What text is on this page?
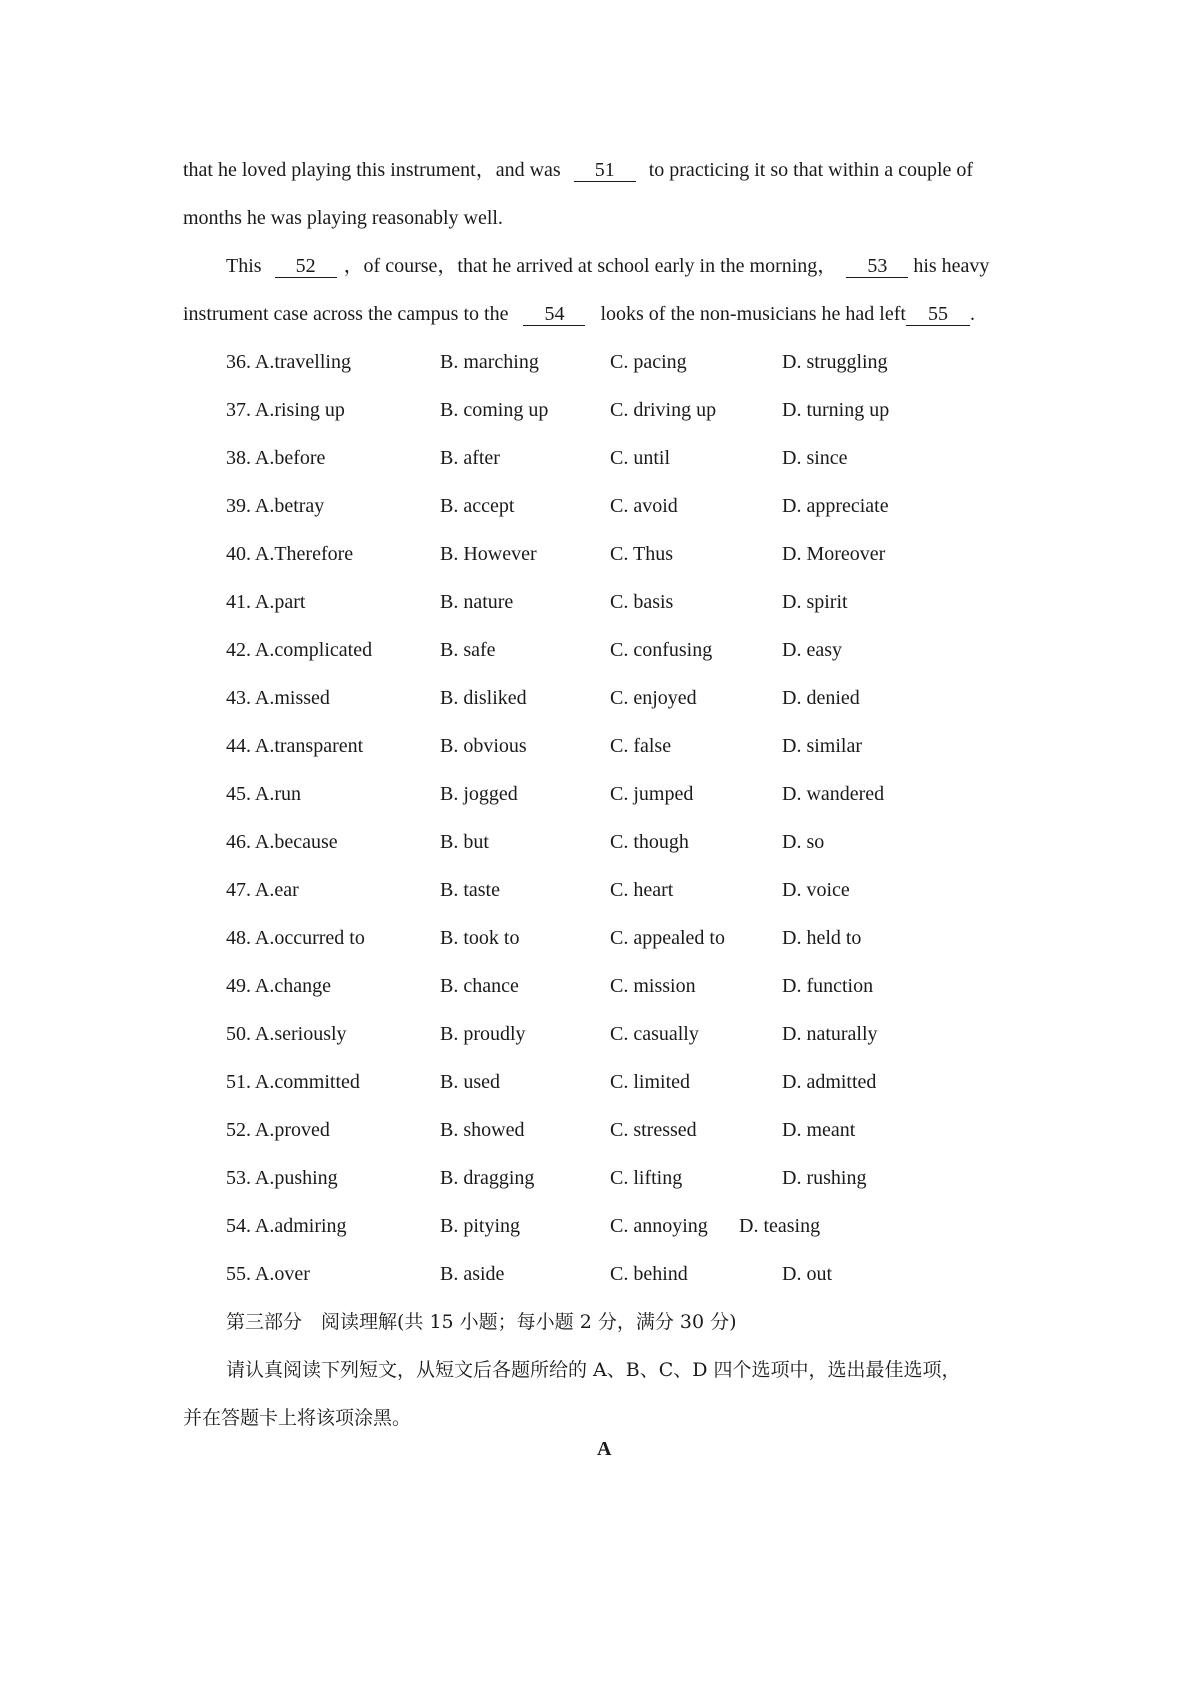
that he loved playing this instrument，and was 51 to practicing it so that within a couple of
months he was playing reasonably well.
This 52 ，of course，that he arrived at school early in the morning， 53 his heavy
instrument case across the campus to the 54 looks of the non-musicians he had left 55 .
36. A.travelling	B. marching	C. pacing	D. struggling
37. A.rising up	B. coming up	C. driving up	D. turning up
38. A.before	B. after	C. until	D. since
39. A.betray	B. accept	C. avoid	D. appreciate
40. A.Therefore	B. However	C. Thus	D. Moreover
41. A.part	B. nature	C. basis	D. spirit
42. A.complicated	B. safe	C. confusing	D. easy
43. A.missed	B. disliked	C. enjoyed	D. denied
44. A.transparent	B. obvious	C. false	D. similar
45. A.run	B. jogged	C. jumped	D. wandered
46. A.because	B. but	C. though	D. so
47. A.ear	B. taste	C. heart	D. voice
48. A.occurred to	B. took to	C. appealed to	D. held to
49. A.change	B. chance	C. mission	D. function
50. A.seriously	B. proudly	C. casually	D. naturally
51. A.committed	B. used	C. limited	D. admitted
52. A.proved	B. showed	C. stressed	D. meant
53. A.pushing	B. dragging	C. lifting	D. rushing
54. A.admiring	B. pitying	C. annoying D. teasing
55. A.over	B. aside	C. behind	D. out
第三部分　阅读理解(共 15 小题；每小题 2 分，满分 30 分)
请认真阅读下列短文，从短文后各题所给的 A、B、C、D 四个选项中，选出最佳选项，
并在答题卡上将该项涂黑。
A
